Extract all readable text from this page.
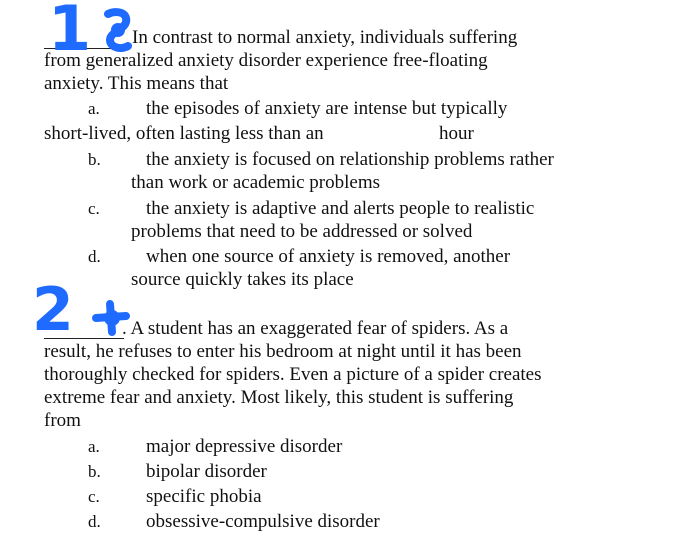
1 In contrast to normal anxiety, individuals suffering
from generalized anxiety disorder experience free-floating
anxiety. This means that
a. the episodes of anxiety are intense but typically
short-lived, often lasting less than an	hour
b. the anxiety is focused on relationship problems rather
than work or academic problems
c. the anxiety is adaptive and alerts people to realistic
problems that need to be addressed or solved
d. when one source of anxiety is removed, another
source quickly takes its place
2	. A student has an exaggerated fear of spiders. As a
result, he refuses to enter his bedroom at night until it has been
thoroughly checked for spiders. Even a picture of a spider creates
extreme fear and anxiety. Most likely, this student is suffering
from
a. major depressive disorder
b. bipolar disorder
c. specific phobia
d. obsessive-compulsive disorder
